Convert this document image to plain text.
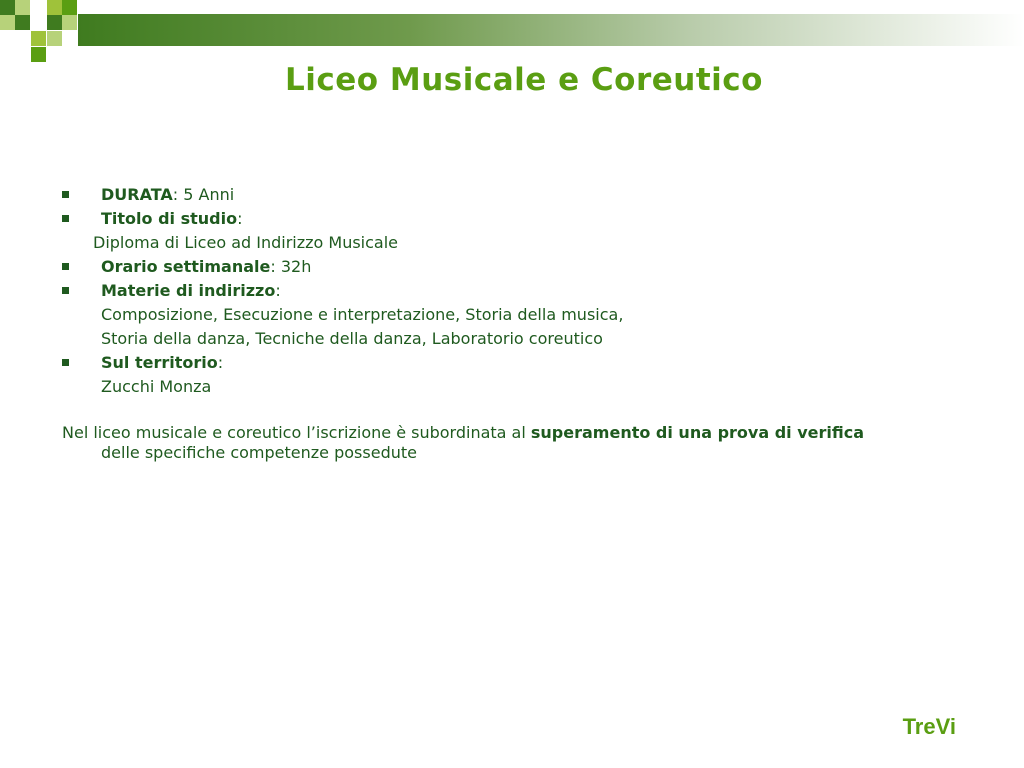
Liceo Musicale e Coreutico
DURATA: 5 Anni
Titolo di studio:
Diploma di Liceo ad Indirizzo Musicale
Orario settimanale: 32h
Materie di indirizzo:
Composizione, Esecuzione e interpretazione, Storia della musica,
Storia della danza, Tecniche della danza, Laboratorio coreutico
Sul territorio:
Zucchi Monza
Nel liceo musicale e coreutico l’iscrizione è subordinata al superamento di una prova di verifica
delle specifiche competenze possedute
TreVi
